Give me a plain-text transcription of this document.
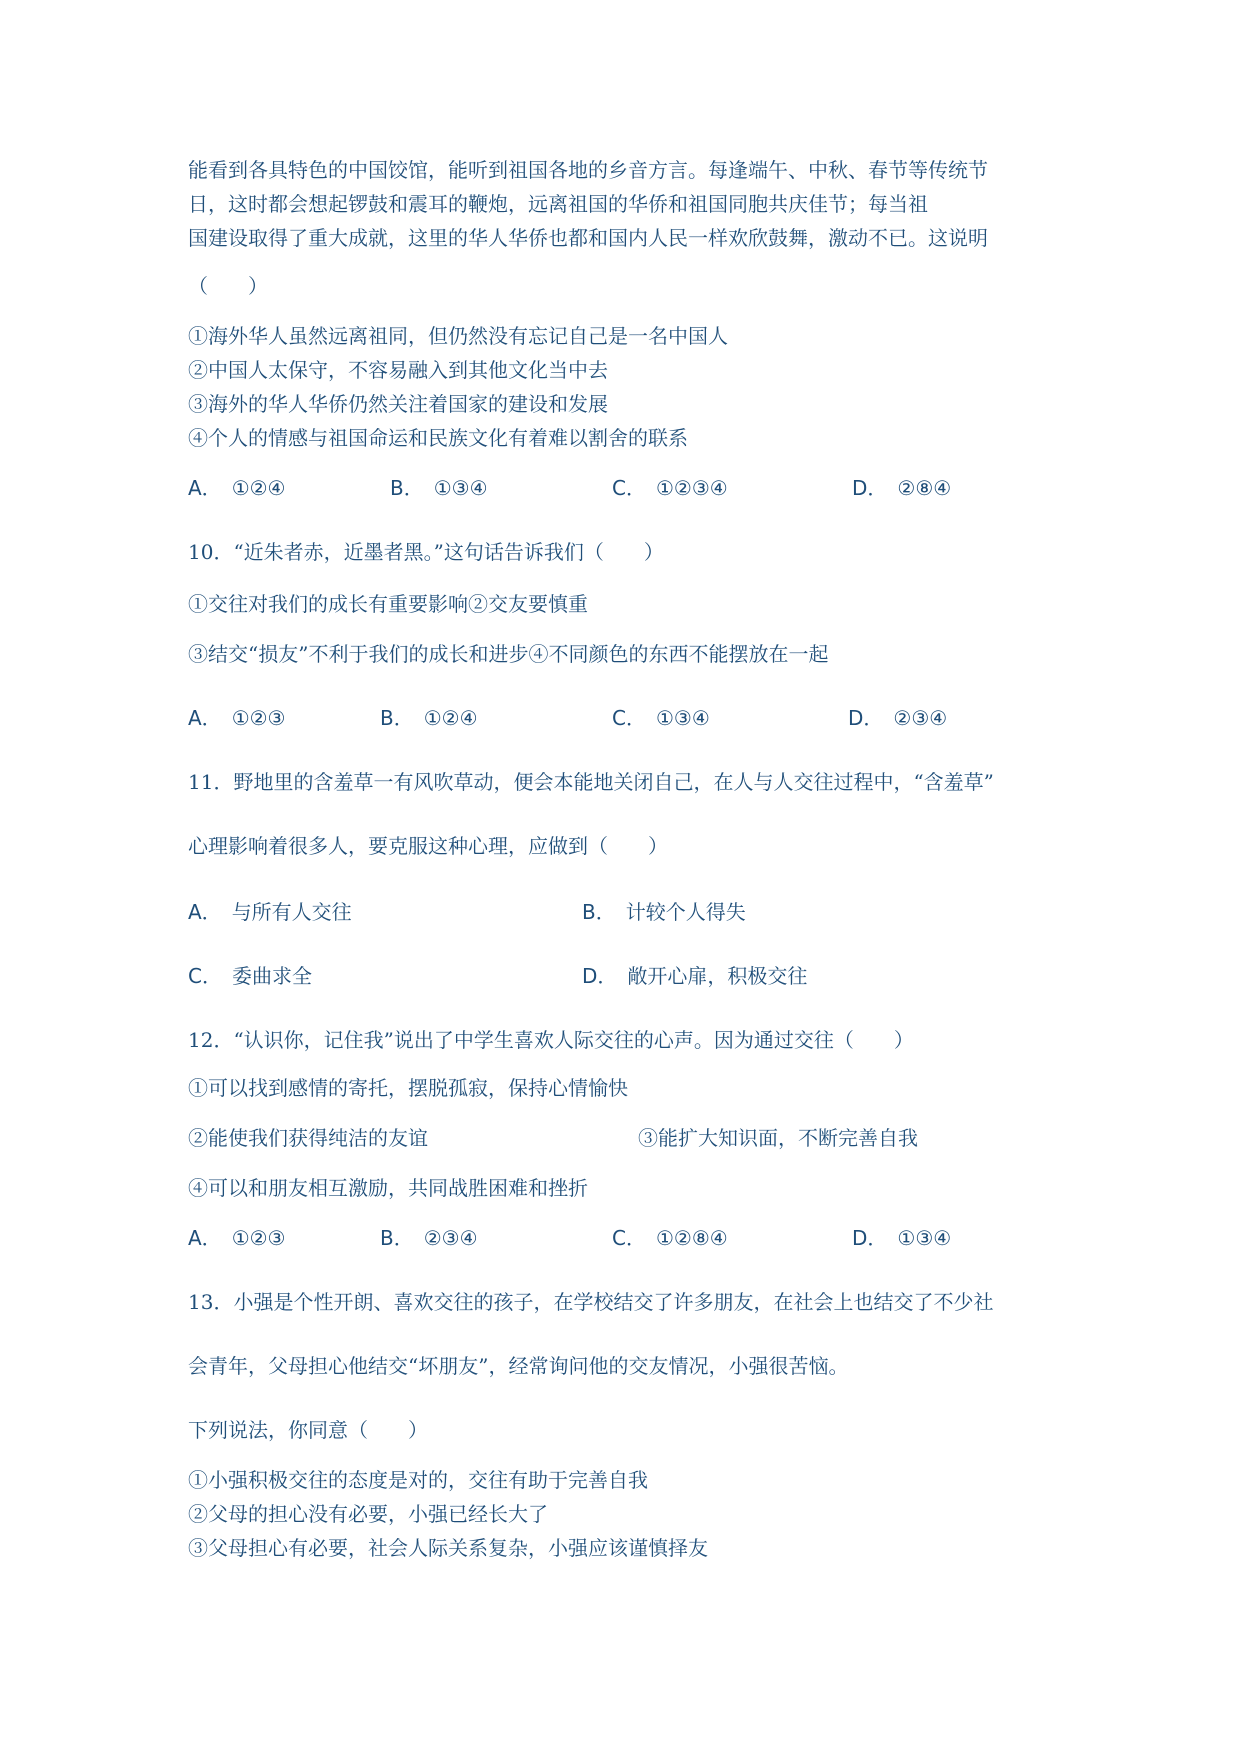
能看到各具特色的中国饺馆，能听到祖国各地的乡音方言。每逢端午、中秋、春节等传统节
日，这时都会想起锣鼓和震耳的鞭炮，远离祖国的华侨和祖国同胞共庆佳节；每当祖
国建设取得了重大成就，这里的华人华侨也都和国内人民一样欢欣鼓舞，激动不已。这说明
（　　）
①海外华人虽然远离祖同，但仍然没有忘记自己是一名中国人
②中国人太保守，不容易融入到其他文化当中去
③海外的华人华侨仍然关注着国家的建设和发展
④个人的情感与祖国命运和民族文化有着难以割舍的联系
A． ①②④	B． ①③④	C． ①②③④	D． ②⑧④
10．“近朱者赤，近墨者黑。”这句话告诉我们（　　）
①交往对我们的成长有重要影响②交友要慎重
③结交“损友”不利于我们的成长和进步④不同颜色的东西不能摆放在一起
A． ①②③	B． ①②④	C． ①③④	D． ②③④
11．野地里的含羞草一有风吹草动，便会本能地关闭自己，在人与人交往过程中，“含羞草”
心理影响着很多人，要克服这种心理，应做到（　　）
A． 与所有人交往	B． 计较个人得失
C． 委曲求全	D． 敞开心扉，积极交往
12．“认识你，记住我”说出了中学生喜欢人际交往的心声。因为通过交往（　　）
①可以找到感情的寄托，摆脱孤寂，保持心情愉快
②能使我们获得纯洁的友谊	③能扩大知识面，不断完善自我
④可以和朋友相互激励，共同战胜困难和挫折
A． ①②③	B． ②③④	C． ①②⑧④	D． ①③④
13．小强是个性开朗、喜欢交往的孩子，在学校结交了许多朋友，在社会上也结交了不少社
会青年，父母担心他结交“坏朋友”，经常询问他的交友情况，小强很苦恼。
下列说法，你同意（　　）
①小强积极交往的态度是对的，交往有助于完善自我
②父母的担心没有必要，小强已经长大了
③父母担心有必要，社会人际关系复杂，小强应该谨慎择友
